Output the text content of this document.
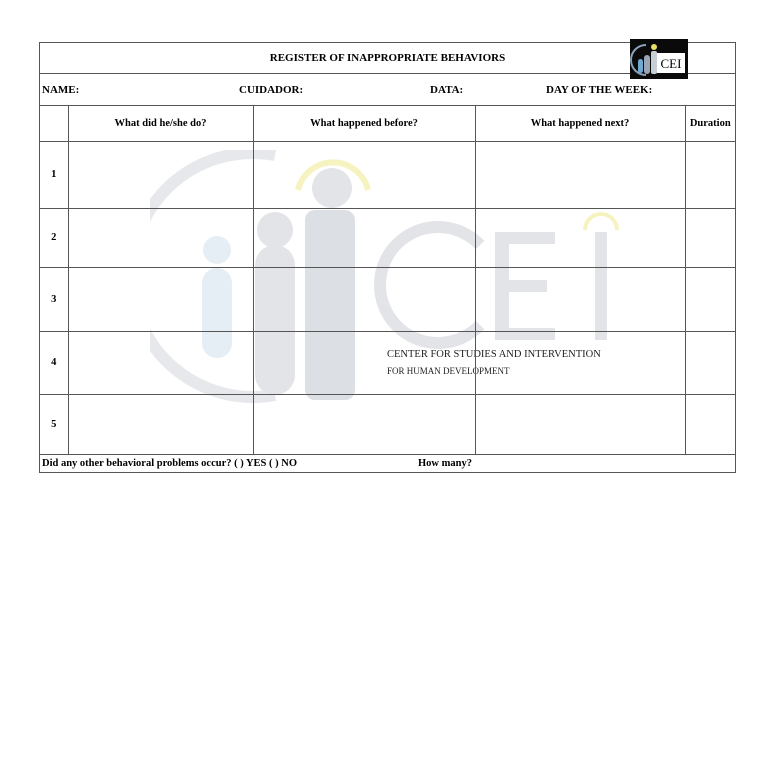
CENTER FOR STUDIES AND INTERVENTION
FOR HUMAN DEVELOPMENT
REGISTER OF INAPPROPRIATE BEHAVIORS	CEI
NAME:	CUIDADOR:	DATA:	DAY OF THE WEEK:
	What did he/she do?	What happened before?	What happened next?	Duration
1				
2				
3				
4				
5				
Did any other behavioral problems occur? ( ) YES ( ) NO	How many?
